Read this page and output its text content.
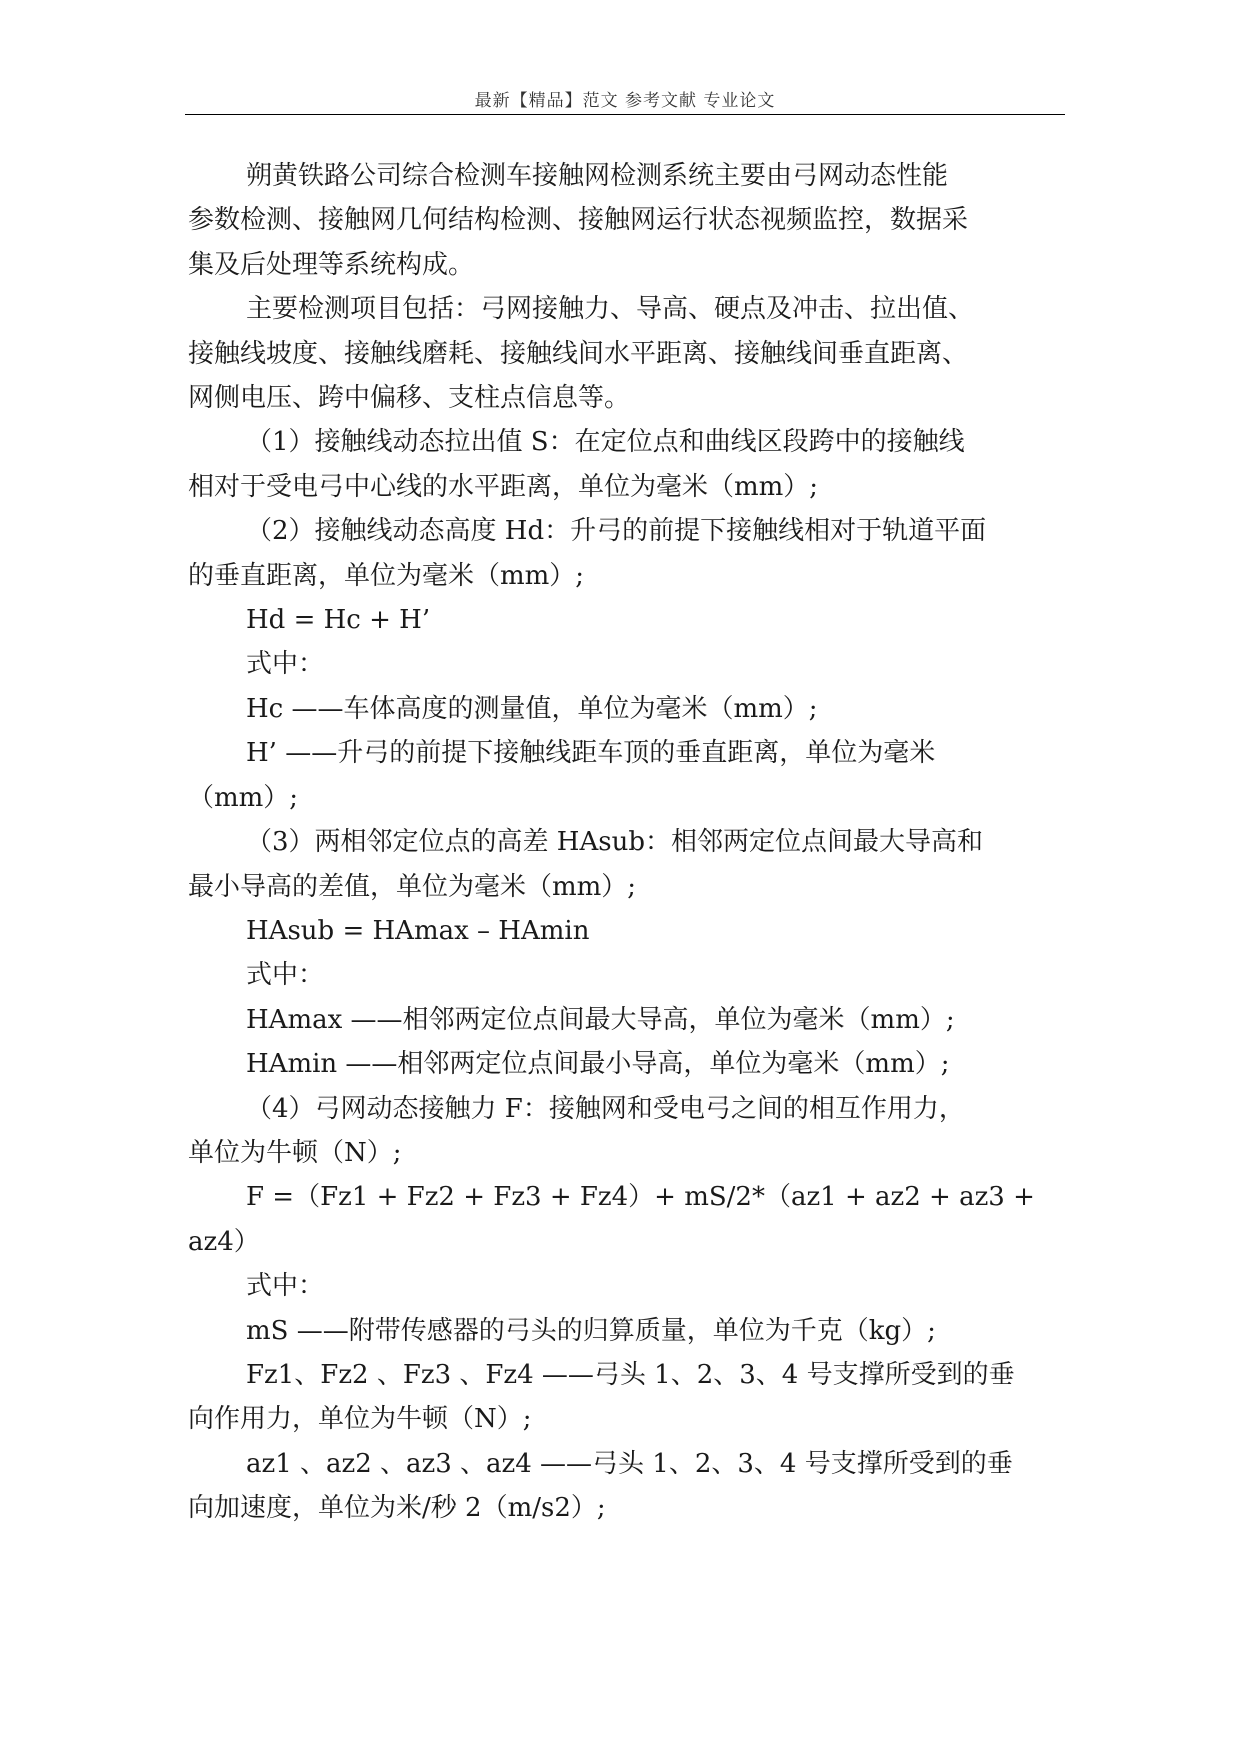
最新【精品】范文 参考文献 专业论文

朔黄铁路公司综合检测车接触网检测系统主要由弓网动态性能

参数检测、接触网几何结构检测、接触网运行状态视频监控，数据采

集及后处理等系统构成。

主要检测项目包括：弓网接触力、导高、硬点及冲击、拉出值、

接触线坡度、接触线磨耗、接触线间水平距离、接触线间垂直距离、

网侧电压、跨中偏移、支柱点信息等。

（1）接触线动态拉出值 S：在定位点和曲线区段跨中的接触线

相对于受电弓中心线的水平距离，单位为毫米（mm）;

（2）接触线动态高度 Hd：升弓的前提下接触线相对于轨道平面

的垂直距离，单位为毫米（mm）;

Hd = Hc + H’

式中：

Hc ——车体高度的测量值，单位为毫米（mm）;

H’ ——升弓的前提下接触线距车顶的垂直距离，单位为毫米

（mm）;

（3）两相邻定位点的高差 HAsub：相邻两定位点间最大导高和

最小导高的差值，单位为毫米（mm）;

HAsub = HAmax – HAmin

式中：

HAmax ——相邻两定位点间最大导高，单位为毫米（mm）;

HAmin ——相邻两定位点间最小导高，单位为毫米（mm）;

（4）弓网动态接触力 F：接触网和受电弓之间的相互作用力，

单位为牛顿（N）;

F =（Fz1 + Fz2 + Fz3 + Fz4）+ mS/2*（az1 + az2 + az3 +

az4）

式中：

mS ——附带传感器的弓头的归算质量，单位为千克（kg）;

Fz1、Fz2 、Fz3 、Fz4 ——弓头 1、2、3、4 号支撑所受到的垂

向作用力，单位为牛顿（N）;

az1 、az2 、az3 、az4 ——弓头 1、2、3、4 号支撑所受到的垂

向加速度，单位为米/秒 2（m/s2）;
